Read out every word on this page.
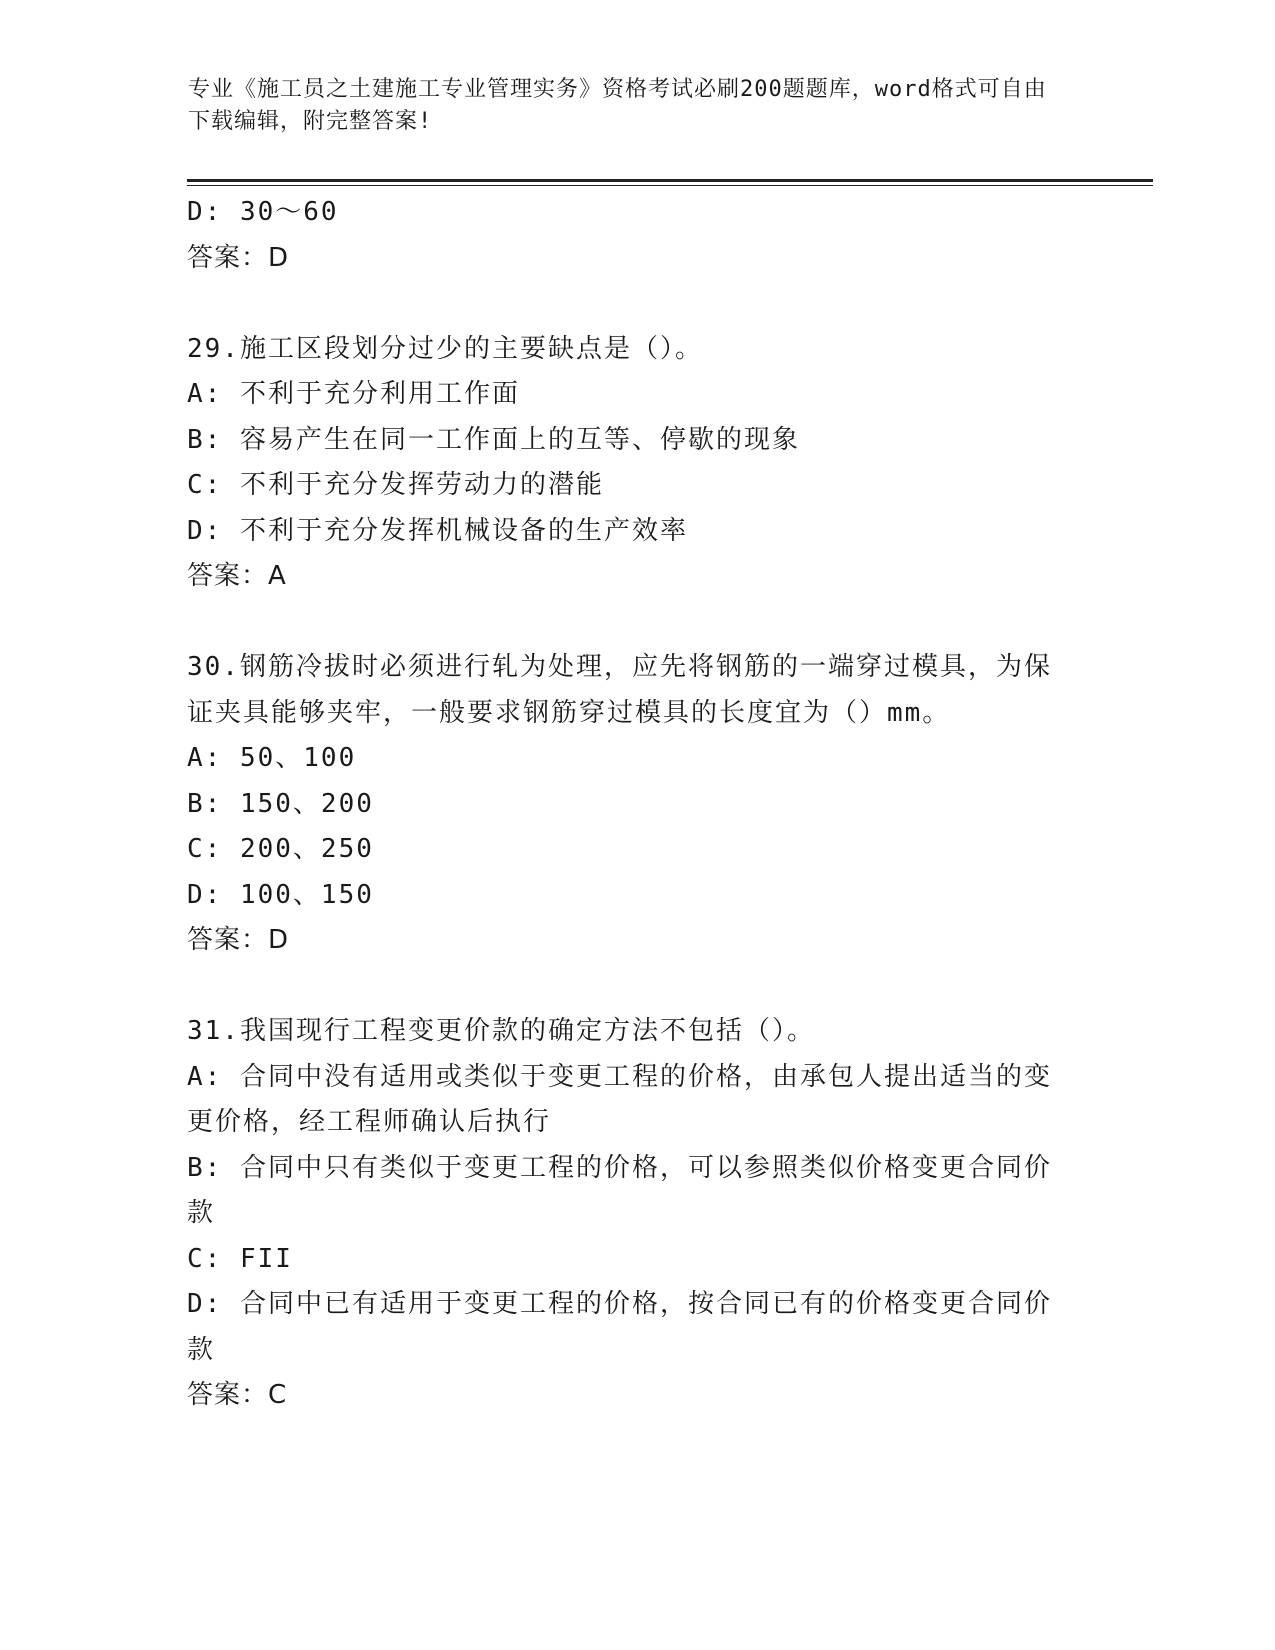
专业《施工员之土建施工专业管理实务》资格考试必刷200题题库，word格式可自由下载编辑，附完整答案!
D: 30～60
答案：D
29.施工区段划分过少的主要缺点是（）。
A: 不利于充分利用工作面
B: 容易产生在同一工作面上的互等、停歇的现象
C: 不利于充分发挥劳动力的潜能
D: 不利于充分发挥机械设备的生产效率
答案：A
30.钢筋冷拔时必须进行轧为处理，应先将钢筋的一端穿过模具，为保证夹具能够夹牢，一般要求钢筋穿过模具的长度宜为（）mm。
A: 50、100
B: 150、200
C: 200、250
D: 100、150
答案：D
31.我国现行工程变更价款的确定方法不包括（）。
A: 合同中没有适用或类似于变更工程的价格，由承包人提出适当的变更价格，经工程师确认后执行
B: 合同中只有类似于变更工程的价格，可以参照类似价格变更合同价款
C: FII
D: 合同中已有适用于变更工程的价格，按合同已有的价格变更合同价款
答案：C
